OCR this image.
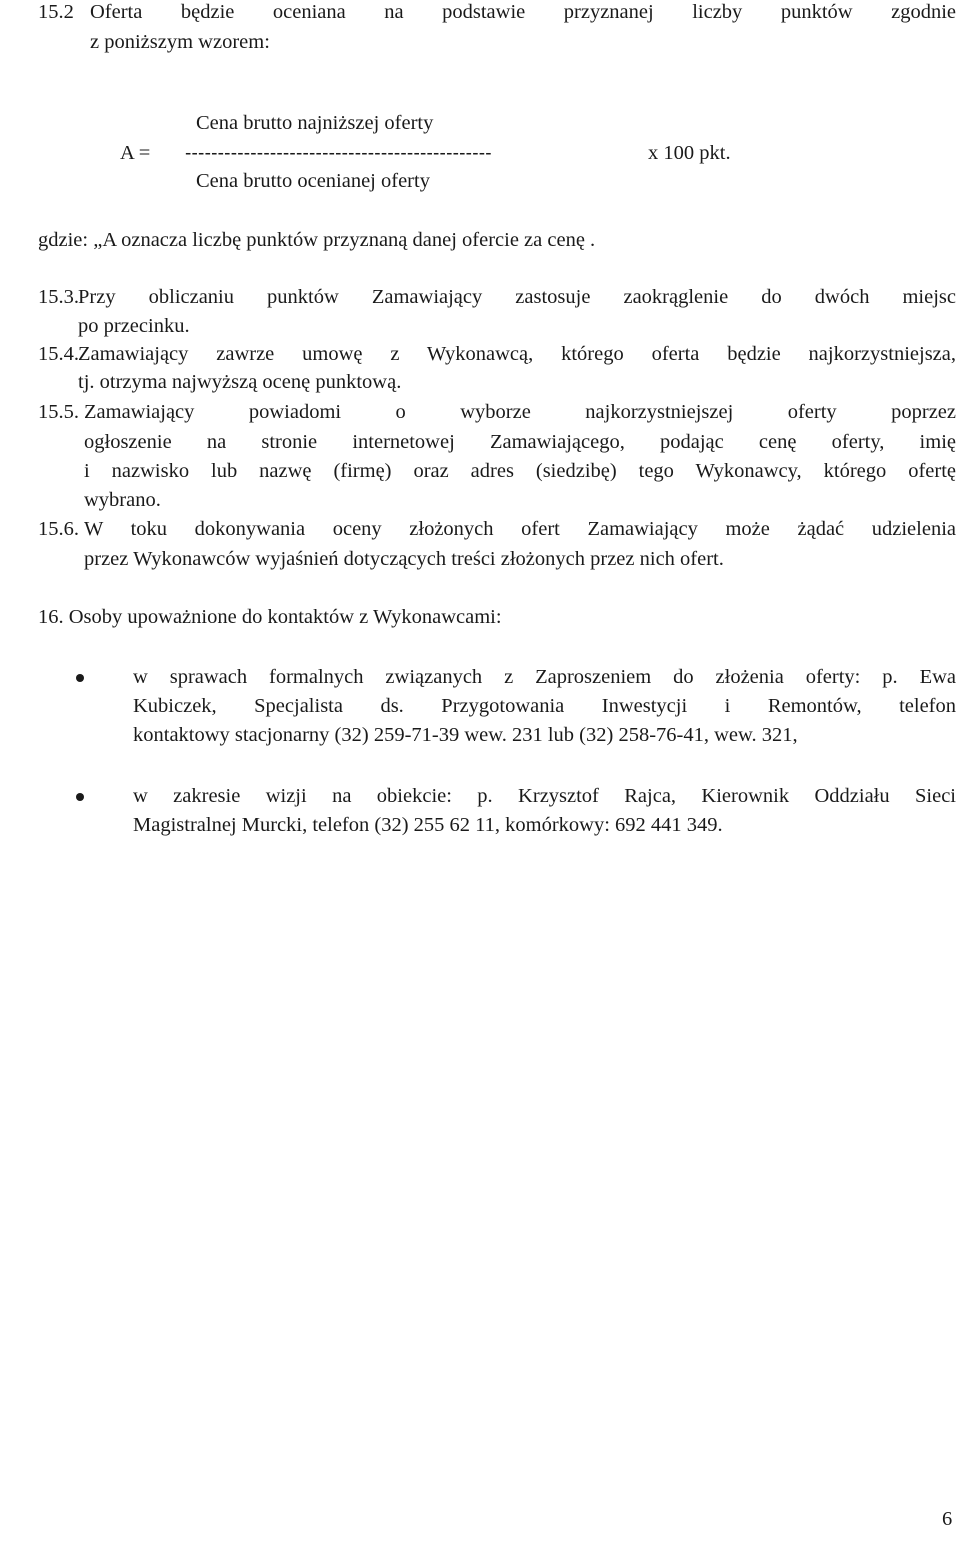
15.2 Oferta będzie oceniana na podstawie przyznanej liczby punktów zgodnie
z poniższym wzorem:
Cena brutto najniższej oferty
A = -----------------------------------------------	x 100 pkt.
Cena brutto ocenianej oferty
gdzie: „A oznacza liczbę punktów przyznaną danej ofercie za cenę .
15.3. Przy obliczaniu punktów Zamawiający zastosuje zaokrąglenie do dwóch miejsc
po przecinku.
15.4. Zamawiający zawrze umowę z Wykonawcą, którego oferta będzie najkorzystniejsza,
tj. otrzyma najwyższą ocenę punktową.
15.5. Zamawiający powiadomi o wyborze najkorzystniejszej oferty poprzez
ogłoszenie na stronie internetowej Zamawiającego, podając cenę oferty, imię
i nazwisko lub nazwę (firmę) oraz adres (siedzibę) tego Wykonawcy, którego ofertę
wybrano.
15.6. W toku dokonywania oceny złożonych ofert Zamawiający może żądać udzielenia
przez Wykonawców wyjaśnień dotyczących treści złożonych przez nich ofert.
16. Osoby upoważnione do kontaktów z Wykonawcami:
w sprawach formalnych związanych z Zaproszeniem do złożenia oferty: p. Ewa
Kubiczek, Specjalista ds. Przygotowania Inwestycji i Remontów, telefon
kontaktowy stacjonarny (32) 259-71-39 wew. 231 lub (32) 258-76-41, wew. 321,
w zakresie wizji na obiekcie: p. Krzysztof Rajca, Kierownik Oddziału Sieci
Magistralnej Murcki, telefon (32) 255 62 11, komórkowy: 692 441 349.
6
